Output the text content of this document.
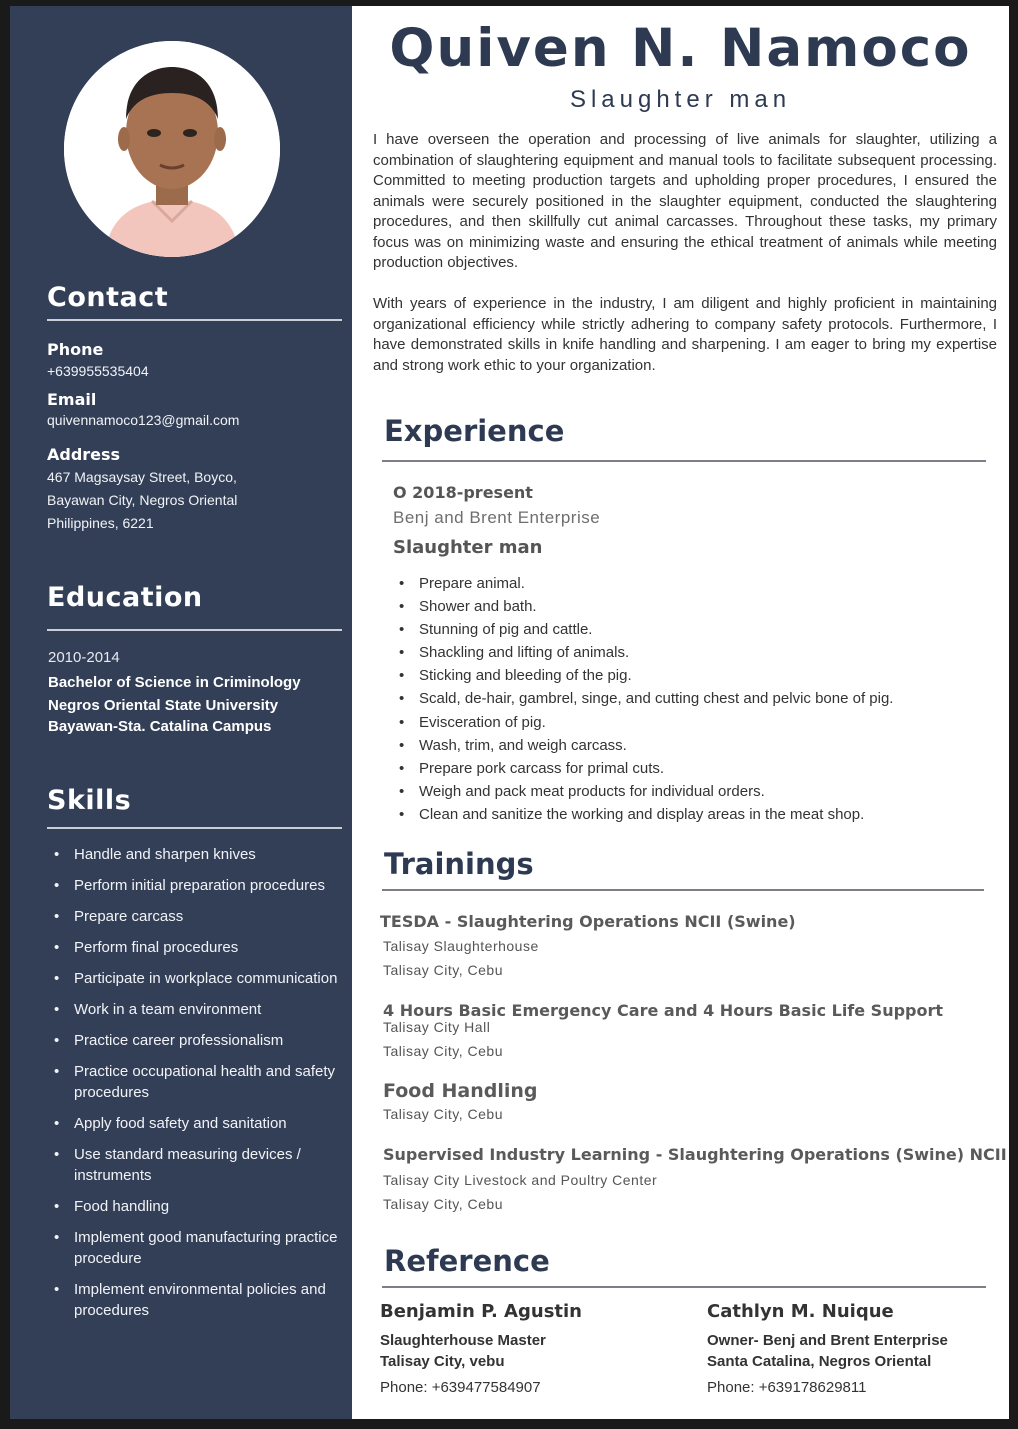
Contact
Phone
+639955535404
Email
quivennamoco123@gmail.com
Address
467 Magsaysay Street, Boyco,
Bayawan City, Negros Oriental
Philippines, 6221
Education
2010-2014
Bachelor of Science in Criminology
Negros Oriental State University
Bayawan-Sta. Catalina Campus
Skills
• Handle and sharpen knives
• Perform initial preparation procedures
• Prepare carcass
• Perform final procedures
• Participate in workplace communication
• Work in a team environment
• Practice career professionalism
• Practice occupational health and safety procedures
• Apply food safety and sanitation
• Use standard measuring devices / instruments
• Food handling
• Implement good manufacturing practice procedure
• Implement environmental policies and procedures
Quiven N. Namoco
Slaughter man

I have overseen the operation and processing of live animals for slaughter, utilizing a combination of slaughtering equipment and manual tools to facilitate subsequent processing. Committed to meeting production targets and upholding proper procedures, I ensured the animals were securely positioned in the slaughter equipment, conducted the slaughtering procedures, and then skillfully cut animal carcasses. Throughout these tasks, my primary focus was on minimizing waste and ensuring the ethical treatment of animals while meeting production objectives.

With years of experience in the industry, I am diligent and highly proficient in maintaining organizational efficiency while strictly adhering to company safety protocols. Furthermore, I have demonstrated skills in knife handling and sharpening. I am eager to bring my expertise and strong work ethic to your organization.

Experience
O 2018-present
Benj and Brent Enterprise
Slaughter man
• Prepare animal.
• Shower and bath.
• Stunning of pig and cattle.
• Shackling and lifting of animals.
• Sticking and bleeding of the pig.
• Scald, de-hair, gambrel, singe, and cutting chest and pelvic bone of pig.
• Evisceration of pig.
• Wash, trim, and weigh carcass.
• Prepare pork carcass for primal cuts.
• Weigh and pack meat products for individual orders.
• Clean and sanitize the working and display areas in the meat shop.
Trainings
TESDA - Slaughtering Operations NCII (Swine)
Talisay Slaughterhouse
Talisay City, Cebu
4 Hours Basic Emergency Care and 4 Hours Basic Life Support
Talisay City Hall
Talisay City, Cebu
Food Handling
Talisay City, Cebu
Supervised Industry Learning - Slaughtering Operations (Swine) NCII
Talisay City Livestock and Poultry Center
Talisay City, Cebu
Reference
Benjamin P. Agustin
Slaughterhouse Master
Talisay City, vebu
Phone: +639477584907
Cathlyn M. Nuique
Owner- Benj and Brent Enterprise
Santa Catalina, Negros Oriental
Phone: +639178629811
